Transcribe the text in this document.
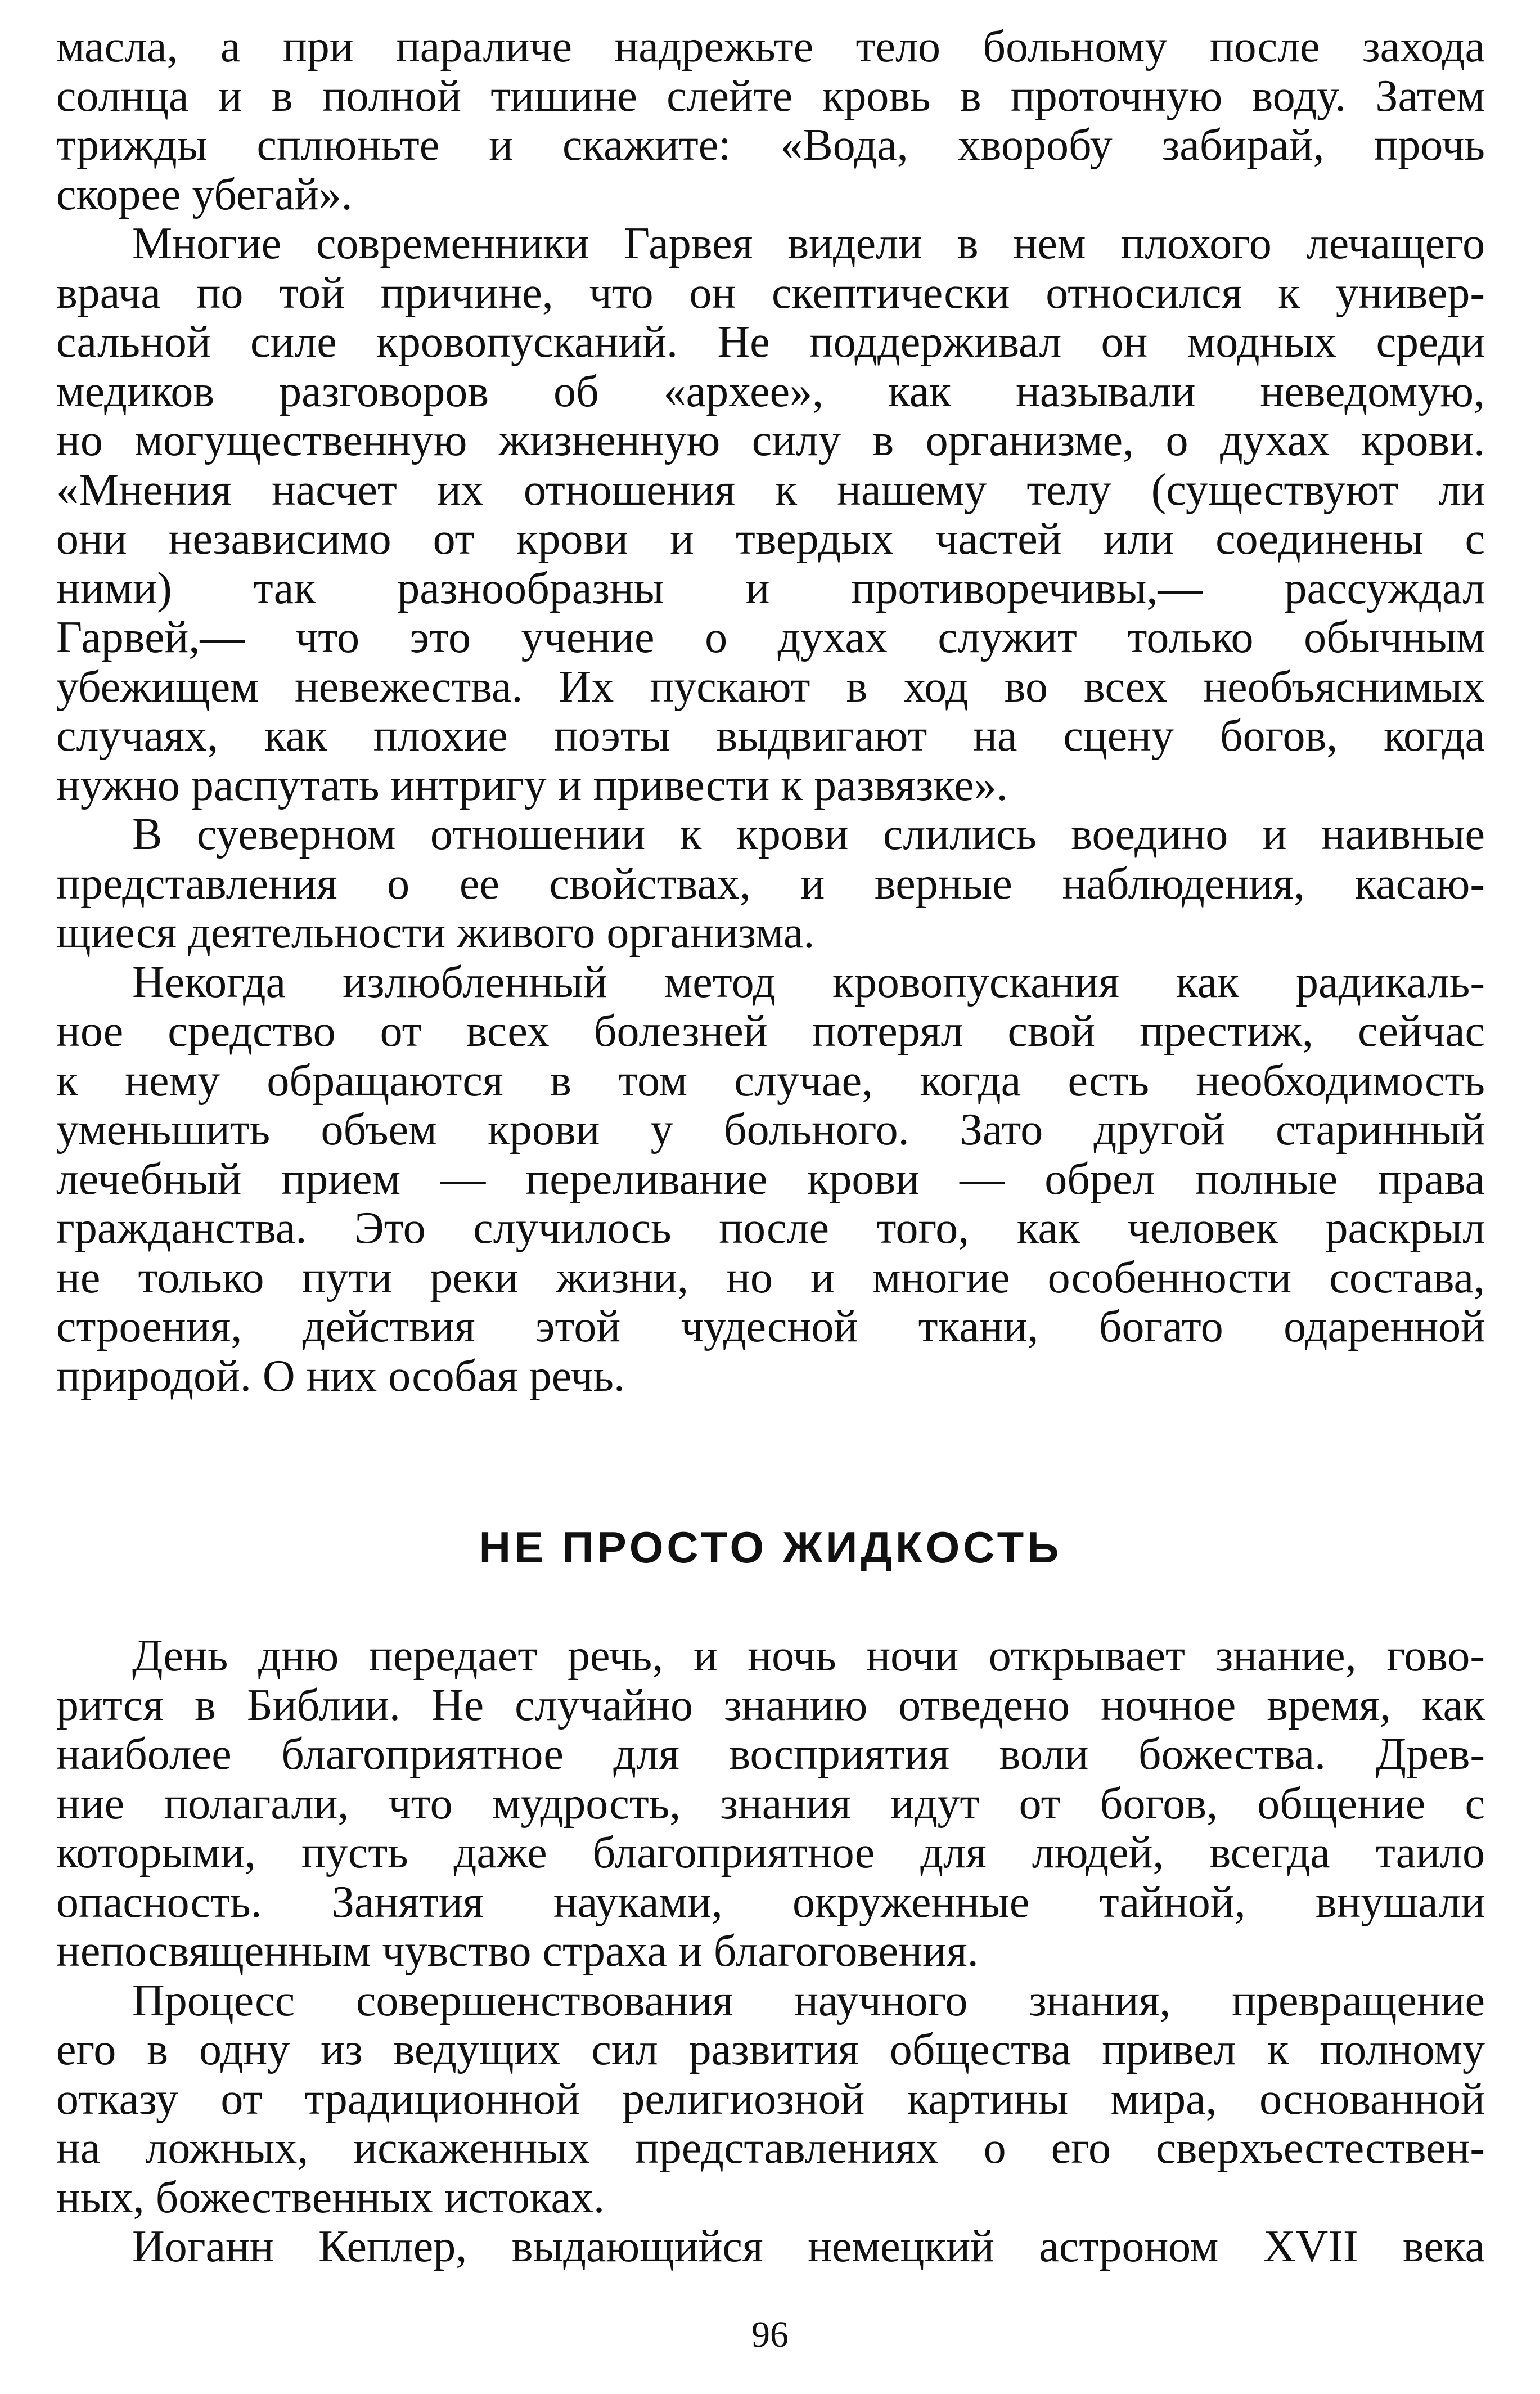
масла, а при параличе надрежьте тело больному после захода
солнца и в полной тишине слейте кровь в проточную воду. Затем
трижды сплюньте и скажите: «Вода, хворобу забирай, прочь
скорее убегай».

Многие современники Гарвея видели в нем плохого лечащего
врача по той причине, что он скептически относился к универ-
сальной силе кровопусканий. Не поддерживал он модных среди
медиков разговоров об «архее», как называли неведомую,
но могущественную жизненную силу в организме, о духах крови.
«Мнения насчет их отношения к нашему телу (существуют ли
они независимо от крови и твердых частей или соединены с
ними) так разнообразны и противоречивы,— рассуждал
Гарвей,— что это учение о духах служит только обычным
убежищем невежества. Их пускают в ход во всех необъяснимых
случаях, как плохие поэты выдвигают на сцену богов, когда
нужно распутать интригу и привести к развязке».

В суеверном отношении к крови слились воедино и наивные
представления о ее свойствах, и верные наблюдения, касаю-
щиеся деятельности живого организма.

Некогда излюбленный метод кровопускания как радикаль-
ное средство от всех болезней потерял свой престиж, сейчас
к нему обращаются в том случае, когда есть необходимость
уменьшить объем крови у больного. Зато другой старинный
лечебный прием — переливание крови — обрел полные права
гражданства. Это случилось после того, как человек раскрыл
не только пути реки жизни, но и многие особенности состава,
строения, действия этой чудесной ткани, богато одаренной
природой. О них особая речь.

НЕ ПРОСТО ЖИДКОСТЬ

День дню передает речь, и ночь ночи открывает знание, гово-
рится в Библии. Не случайно знанию отведено ночное время, как
наиболее благоприятное для восприятия воли божества. Древ-
ние полагали, что мудрость, знания идут от богов, общение с
которыми, пусть даже благоприятное для людей, всегда таило
опасность. Занятия науками, окруженные тайной, внушали
непосвященным чувство страха и благоговения.

Процесс совершенствования научного знания, превращение
его в одну из ведущих сил развития общества привел к полному
отказу от традиционной религиозной картины мира, основанной
на ложных, искаженных представлениях о его сверхъестествен-
ных, божественных истоках.

Иоганн Кеплер, выдающийся немецкий астроном XVII века

96
